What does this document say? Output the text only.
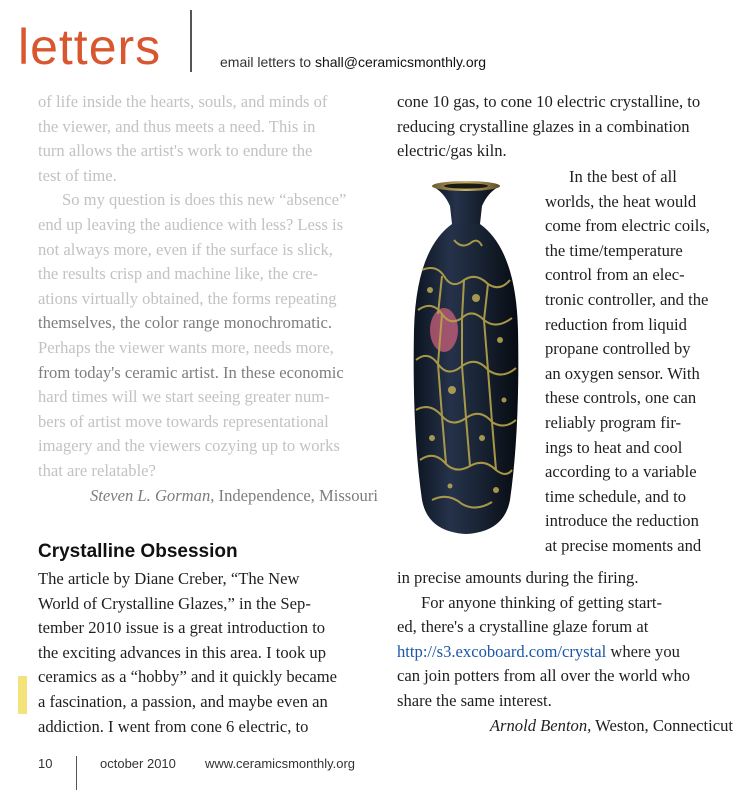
letters	email letters to shall@ceramicsmonthly.org
of life inside the hearts, souls, and minds of
the viewer, and thus meets a need. This in
turn allows the artist's work to endure the
test of time.
So my question is does this new “absence”
end up leaving the audience with less? Less is
not always more, even if the surface is slick,
the results crisp and machine like, the cre-
ations virtually obtained, the forms repeating
themselves, the color range monochromatic.
Perhaps the viewer wants more, needs more,
from today's ceramic artist. In these economic
hard times will we start seeing greater num-
bers of artist move towards representational
imagery and the viewers cozying up to works
that are relatable?
Steven L. Gorman, Independence, Missouri
Crystalline Obsession
The article by Diane Creber, “The New
World of Crystalline Glazes,” in the Sep-
tember 2010 issue is a great introduction to
the exciting advances in this area. I took up
ceramics as a “hobby” and it quickly became
a fascination, a passion, and maybe even an
addiction. I went from cone 6 electric, to
cone 10 gas, to cone 10 electric crystalline, to
reducing crystalline glazes in a combination
electric/gas kiln.
In the best of all
worlds, the heat would
come from electric coils,
the time/temperature
control from an elec-
tronic controller, and the
reduction from liquid
propane controlled by
an oxygen sensor. With
these controls, one can
reliably program fir-
ings to heat and cool
according to a variable
time schedule, and to
introduce the reduction
at precise moments and
in precise amounts during the firing.
For anyone thinking of getting start-
ed, there's a crystalline glaze forum at
http://s3.excoboard.com/crystal where you
can join potters from all over the world who
share the same interest.
Arnold Benton, Weston, Connecticut
10	october 2010 www.ceramicsmonthly.org
